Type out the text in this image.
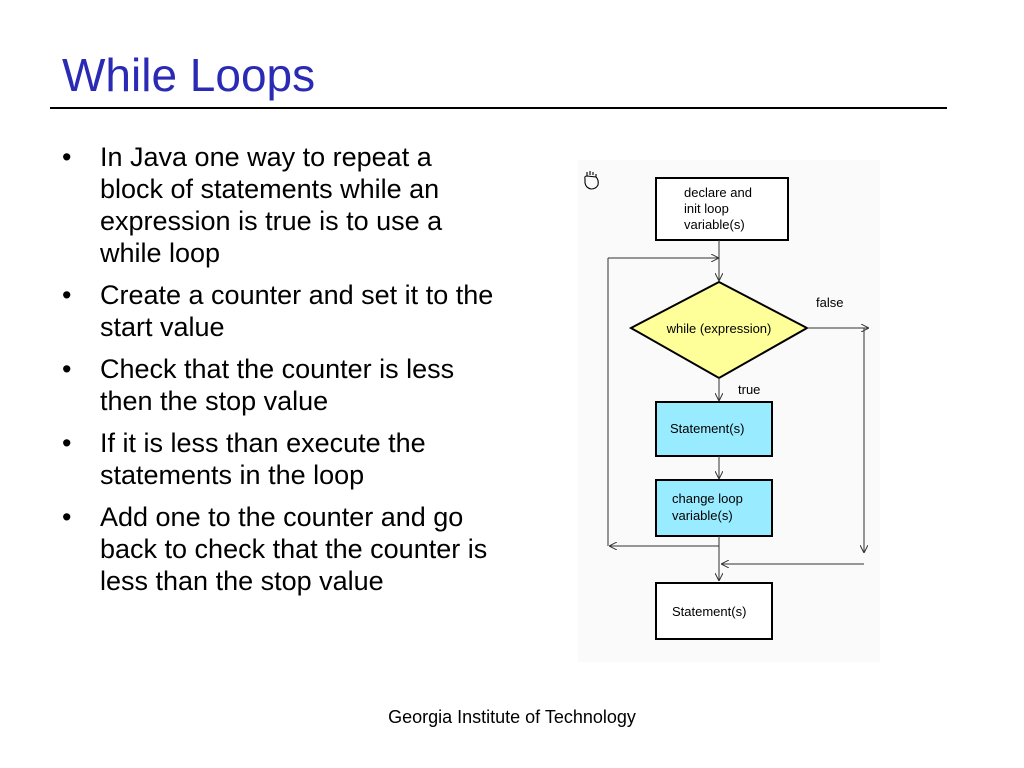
While Loops
• In Java one way to repeat a block of statements while an expression is true is to use a while loop
• Create a counter and set it to the start value
• Check that the counter is less then the stop value
• If it is less than execute the statements in the loop
• Add one to the counter and go back to check that the counter is less than the stop value
declare and
init loop
variable(s)
while (expression)
false
true
Statement(s)
change loop
variable(s)
Statement(s)
Georgia Institute of Technology
